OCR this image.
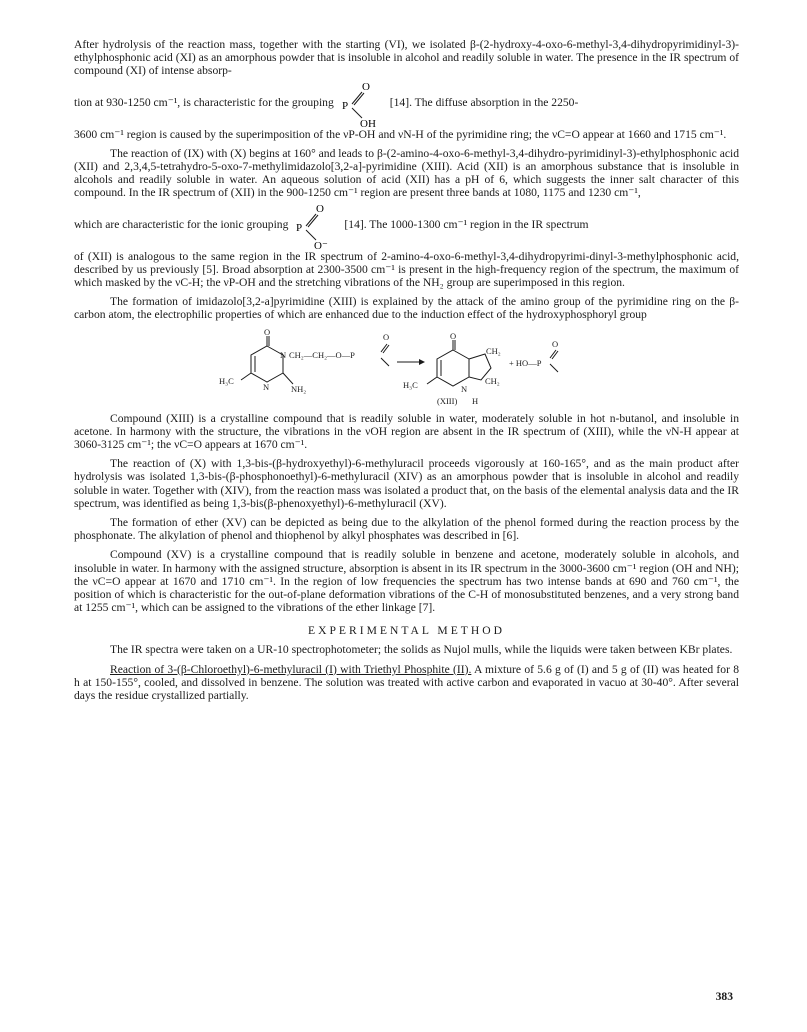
After hydrolysis of the reaction mass, together with the starting (VI), we isolated β-(2-hydroxy-4-oxo-6-methyl-3,4-dihydropyrimidinyl-3)-ethylphosphonic acid (XI) as an amorphous powder that is insoluble in alcohol and readily soluble in water. The presence in the IR spectrum of compound (XI) of intense absorp-

tion at 930-1250 cm⁻¹, is characteristic for the grouping
O
P
OH
[14]. The diffuse absorption in the 2250-

3600 cm⁻¹ region is caused by the superimposition of the νP-OH and νN-H of the pyrimidine ring; the νC=O appear at 1660 and 1715 cm⁻¹.

The reaction of (IX) with (X) begins at 160° and leads to β-(2-amino-4-oxo-6-methyl-3,4-dihydro-pyrimidinyl-3)-ethylphosphonic acid (XII) and 2,3,4,5-tetrahydro-5-oxo-7-methylimidazolo[3,2-a]-pyrimidine (XIII). Acid (XII) is an amorphous substance that is insoluble in alcohols and readily soluble in water. An aqueous solution of acid (XII) has a pH of 6, which suggests the inner salt character of this compound. In the IR spectrum of (XII) in the 900-1250 cm⁻¹ region are present three bands at 1080, 1175 and 1230 cm⁻¹,

which are characteristic for the ionic grouping
O
P
O⁻
[14]. The 1000-1300 cm⁻¹ region in the IR spectrum

of (XII) is analogous to the same region in the IR spectrum of 2-amino-4-oxo-6-methyl-3,4-dihydropyrimi-dinyl-3-methylphosphonic acid, described by us previously [5]. Broad absorption at 2300-3500 cm⁻¹ is present in the high-frequency region of the spectrum, the maximum of which masked by the νC-H; the νP-OH and the stretching vibrations of the NH₂ group are superimposed in this region.

The formation of imidazolo[3,2-a]pyrimidine (XIII) is explained by the attack of the amino group of the pyrimidine ring on the β-carbon atom, the electrophilic properties of which are enhanced due to the induction effect of the hydroxyphosphoryl group

O
N CH₂—CH₂—O—P
H₃C
N	NH₂
O	O
CH₂
CH₂
H₃C	N
H
(XIII)
+ HO—P
O

Compound (XIII) is a crystalline compound that is readily soluble in water, moderately soluble in hot n-butanol, and insoluble in acetone. In harmony with the structure, the vibrations in the νOH region are absent in the IR spectrum of (XIII), while the νN-H appear at 3060-3125 cm⁻¹; the νC=O appears at 1670 cm⁻¹.

The reaction of (X) with 1,3-bis-(β-hydroxyethyl)-6-methyluracil proceeds vigorously at 160-165°, and as the main product after hydrolysis was isolated 1,3-bis-(β-phosphonoethyl)-6-methyluracil (XIV) as an amorphous powder that is insoluble in alcohol and readily soluble in water. Together with (XIV), from the reaction mass was isolated a product that, on the basis of the elemental analysis data and the IR spectrum, was identified as being 1,3-bis(β-phenoxyethyl)-6-methyluracil (XV).

The formation of ether (XV) can be depicted as being due to the alkylation of the phenol formed during the reaction process by the phosphonate. The alkylation of phenol and thiophenol by alkyl phosphates was described in [6].

Compound (XV) is a crystalline compound that is readily soluble in benzene and acetone, moderately soluble in alcohols, and insoluble in water. In harmony with the assigned structure, absorption is absent in its IR spectrum in the 3000-3600 cm⁻¹ region (OH and NH); the νC=O appear at 1670 and 1710 cm⁻¹. In the region of low frequencies the spectrum has two intense bands at 690 and 760 cm⁻¹, the position of which is characteristic for the out-of-plane deformation vibrations of the C-H of monosubstituted benzenes, and a very strong band at 1255 cm⁻¹, which can be assigned to the vibrations of the ether linkage [7].

EXPERIMENTAL METHOD

The IR spectra were taken on a UR-10 spectrophotometer; the solids as Nujol mulls, while the liquids were taken between KBr plates.

Reaction of 3-(β-Chloroethyl)-6-methyluracil (I) with Triethyl Phosphite (II). A mixture of 5.6 g of (I) and 5 g of (II) was heated for 8 h at 150-155°, cooled, and dissolved in benzene. The solution was treated with active carbon and evaporated in vacuo at 30-40°. After several days the residue crystallized partially.

383
